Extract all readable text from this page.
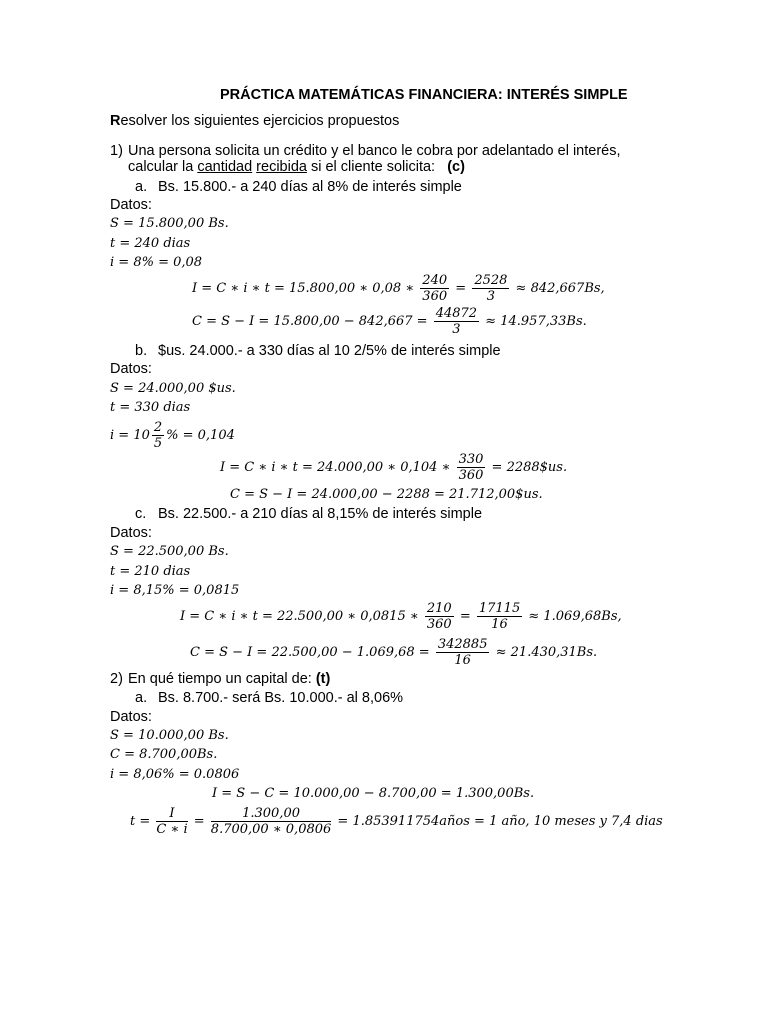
PRÁCTICA MATEMÁTICAS FINANCIERA: INTERÉS SIMPLE
Resolver los siguientes ejercicios propuestos
1) Una persona solicita un crédito y el banco le cobra por adelantado el interés,
calcular la cantidad recibida si el cliente solicita: (c)
a. Bs. 15.800.- a 240 días al 8% de interés simple
Datos:
S = 15.800,00 Bs.
t = 240 dias
i = 8% = 0,08
I = C ∗ i ∗ t = 15.800,00 ∗ 0,08 ∗ $\frac{240}{360} = \frac{2528}{3} \approx 842,667Bs$,
$C = S - I = 15.800,00 - 842,667 = \frac{44872}{3} \approx 14.957,33Bs$.
b. $us. 24.000.- a 330 días al 10 2/5% de interés simple
Datos:
S = 24.000,00 $us.
t = 330 dias
$i = 10 \frac{2}{5}$ % = 0,104
I = C ∗ i ∗ t = 24.000,00 ∗ 0,104 ∗ $\frac{330}{360}$ = 2288$us.
C = S − I = 24.000,00 − 2288 = 21.712,00$us.
c. Bs. 22.500.- a 210 días al 8,15% de interés simple
Datos:
S = 22.500,00 Bs.
t = 210 dias
i = 8,15% = 0,0815
I = C ∗ i ∗ t = 22.500,00 ∗ 0,0815 ∗ $\frac{210}{360} = \frac{17115}{16} \approx 1.069,68Bs$,
$C = S - I = 22.500,00 - 1.069,68 = \frac{342885}{16} \approx 21.430,31Bs$.
2) En qué tiempo un capital de: (t)
a. Bs. 8.700.- será Bs. 10.000.- al 8,06%
Datos:
S = 10.000,00 Bs.
C = 8.700,00Bs.
i = 8,06% = 0.0806
I = S − C = 10.000,00 − 8.700,00 = 1.300,00Bs.
$t = \frac{I}{C ∗ i} = \frac{1.300,00}{8.700,00 ∗ 0,0806}$ = 1.853911754años = 1 año, 10 meses y 7,4 dias
